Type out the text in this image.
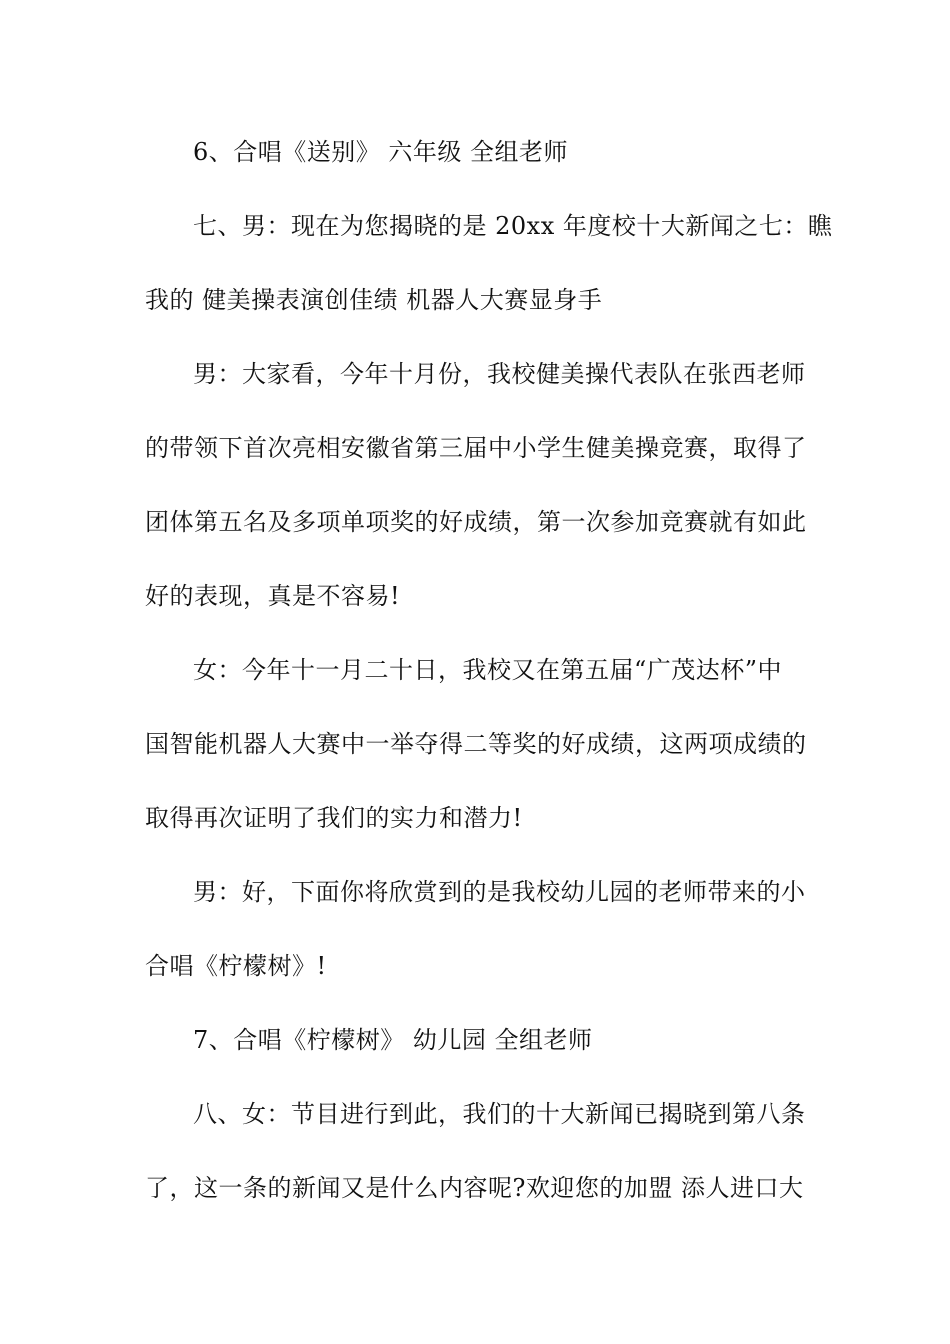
6、合唱《送别》 六年级 全组老师
七、男：现在为您揭晓的是 20xx 年度校十大新闻之七：瞧
我的 健美操表演创佳绩 机器人大赛显身手
男：大家看，今年十月份，我校健美操代表队在张西老师
的带领下首次亮相安徽省第三届中小学生健美操竞赛，取得了
团体第五名及多项单项奖的好成绩，第一次参加竞赛就有如此
好的表现，真是不容易!
女：今年十一月二十日，我校又在第五届“广茂达杯”中
国智能机器人大赛中一举夺得二等奖的好成绩，这两项成绩的
取得再次证明了我们的实力和潜力!
男：好，下面你将欣赏到的是我校幼儿园的老师带来的小
合唱《柠檬树》!
7、合唱《柠檬树》 幼儿园 全组老师
八、女：节目进行到此，我们的十大新闻已揭晓到第八条
了，这一条的新闻又是什么内容呢?欢迎您的加盟 添人进口大
